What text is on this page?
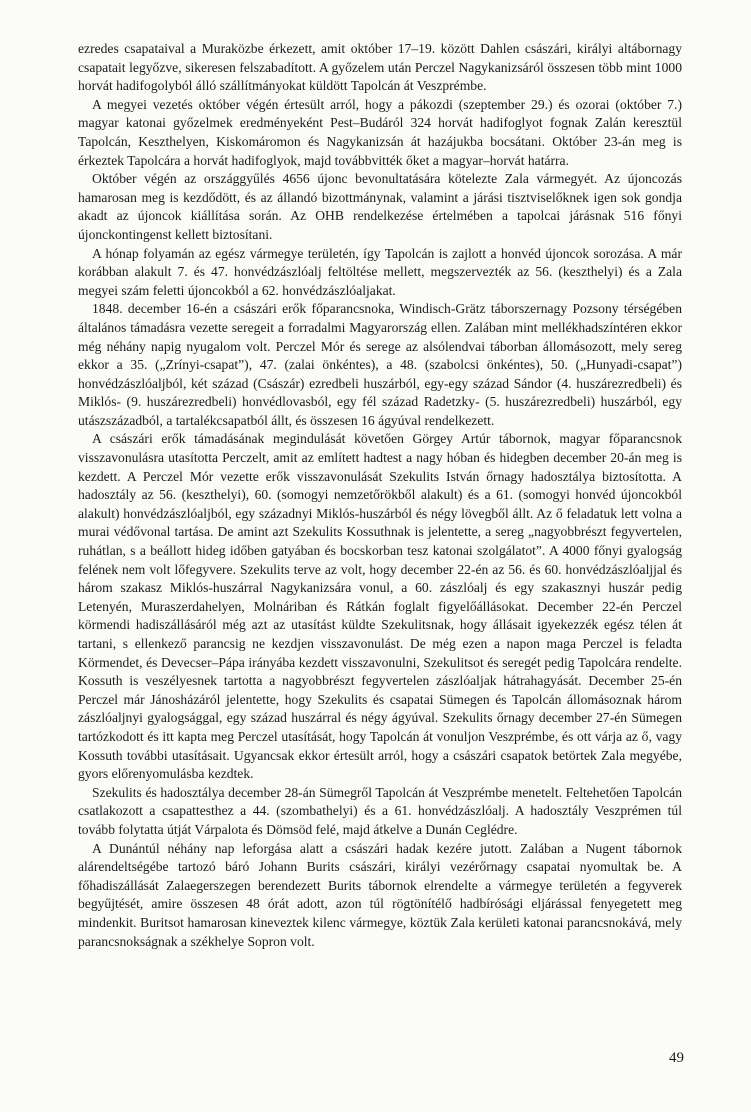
ezredes csapataival a Muraközbe érkezett, amit október 17–19. között Dahlen császári, királyi altábornagy csapatait legyőzve, sikeresen felszabadított. A győzelem után Perczel Nagykanizsáról összesen több mint 1000 horvát hadifogolyból álló szállítmányokat küldött Tapolcán át Veszprémbe.

A megyei vezetés október végén értesült arról, hogy a pákozdi (szeptember 29.) és ozorai (október 7.) magyar katonai győzelmek eredményeként Pest–Budáról 324 horvát hadifoglyot fognak Zalán keresztül Tapolcán, Keszthelyen, Kiskomáromon és Nagykanizsán át hazájukba bocsátani. Október 23-án meg is érkeztek Tapolcára a horvát hadifoglyok, majd továbbvitték őket a magyar–horvát határra.

Október végén az országgyűlés 4656 újonc bevonultatására kötelezte Zala vármegyét. Az újoncozás hamarosan meg is kezdődött, és az állandó bizottmánynak, valamint a járási tisztviselőknek igen sok gondja akadt az újoncok kiállítása során. Az OHB rendelkezése értelmében a tapolcai járásnak 516 főnyi újonckontingenst kellett biztosítani.

A hónap folyamán az egész vármegye területén, így Tapolcán is zajlott a honvéd újoncok sorozása. A már korábban alakult 7. és 47. honvédzászlóalj feltöltése mellett, megszervezték az 56. (keszthelyi) és a Zala megyei szám feletti újoncokból a 62. honvédzászlóaljakat.

1848. december 16-én a császári erők főparancsnoka, Windisch-Grätz táborszernagy Pozsony térségében általános támadásra vezette seregeit a forradalmi Magyarország ellen. Zalában mint mellékhadszíntéren ekkor még néhány napig nyugalom volt. Perczel Mór és serege az alsólendvai táborban állomásozott, mely sereg ekkor a 35. („Zrínyi-csapat”), 47. (zalai önkéntes), a 48. (szabolcsi önkéntes), 50. („Hunyadi-csapat”) honvédzászlóaljból, két század (Császár) ezredbeli huszárból, egy-egy század Sándor (4. huszárezredbeli) és Miklós- (9. huszárezredbeli) honvédlovasból, egy fél század Radetzky- (5. huszárezredbeli) huszárból, egy utászszázadból, a tartalékcsapatból állt, és összesen 16 ágyúval rendelkezett.

A császári erők támadásának megindulását követően Görgey Artúr tábornok, magyar főparancsnok visszavonulásra utasította Perczelt, amit az említett hadtest a nagy hóban és hidegben december 20-án meg is kezdett. A Perczel Mór vezette erők visszavonulását Szekulits István őrnagy hadosztálya biztosította. A hadosztály az 56. (keszthelyi), 60. (somogyi nemzetőrökből alakult) és a 61. (somogyi honvéd újoncokból alakult) honvédzászlóaljból, egy századnyi Miklós-huszárból és négy lövegből állt. Az ő feladatuk lett volna a murai védővonal tartása. De amint azt Szekulits Kossuthnak is jelentette, a sereg „nagyobbrészt fegyvertelen, ruhátlan, s a beállott hideg időben gatyában és bocskorban tesz katonai szolgálatot”. A 4000 főnyi gyalogság felének nem volt lőfegyvere. Szekulits terve az volt, hogy december 22-én az 56. és 60. honvédzászlóaljjal és három szakasz Miklós-huszárral Nagykanizsára vonul, a 60. zászlóalj és egy szakasznyi huszár pedig Letenyén, Muraszerdahelyen, Molnáriban és Rátkán foglalt figyelőállásokat. December 22-én Perczel körmendi hadiszállásáról még azt az utasítást küldte Szekulitsnak, hogy állásait igyekezzék egész télen át tartani, s ellenkező parancsig ne kezdjen visszavonulást. De még ezen a napon maga Perczel is feladta Körmendet, és Devecser–Pápa irányába kezdett visszavonulni, Szekulitsot és seregét pedig Tapolcára rendelte. Kossuth is veszélyesnek tartotta a nagyobbrészt fegyvertelen zászlóaljak hátrahagyását. December 25-én Perczel már Jánosházáról jelentette, hogy Szekulits és csapatai Sümegen és Tapolcán állomásoznak három zászlóaljnyi gyalogsággal, egy század huszárral és négy ágyúval. Szekulits őrnagy december 27-én Sümegen tartózkodott és itt kapta meg Perczel utasítását, hogy Tapolcán át vonuljon Veszprémbe, és ott várja az ő, vagy Kossuth további utasításait. Ugyancsak ekkor értesült arról, hogy a császári csapatok betörtek Zala megyébe, gyors előrenyomulásba kezdtek.

Szekulits és hadosztálya december 28-án Sümegről Tapolcán át Veszprémbe menetelt. Feltehetően Tapolcán csatlakozott a csapattesthez a 44. (szombathelyi) és a 61. honvédzászlóalj. A hadosztály Veszprémen túl tovább folytatta útját Várpalota és Dömsöd felé, majd átkelve a Dunán Ceglédre.

A Dunántúl néhány nap leforgása alatt a császári hadak kezére jutott. Zalában a Nugent tábornok alárendeltségébe tartozó báró Johann Burits császári, királyi vezérőrnagy csapatai nyomultak be. A főhadiszállását Zalaegerszegen berendezett Burits tábornok elrendelte a vármegye területén a fegyverek begyűjtését, amire összesen 48 órát adott, azon túl rögtönítélő hadbírósági eljárással fenyegetett meg mindenkit. Buritsot hamarosan kineveztek kilenc vármegye, köztük Zala kerületi katonai parancsnokává, mely parancsnokságnak a székhelye Sopron volt.

49
